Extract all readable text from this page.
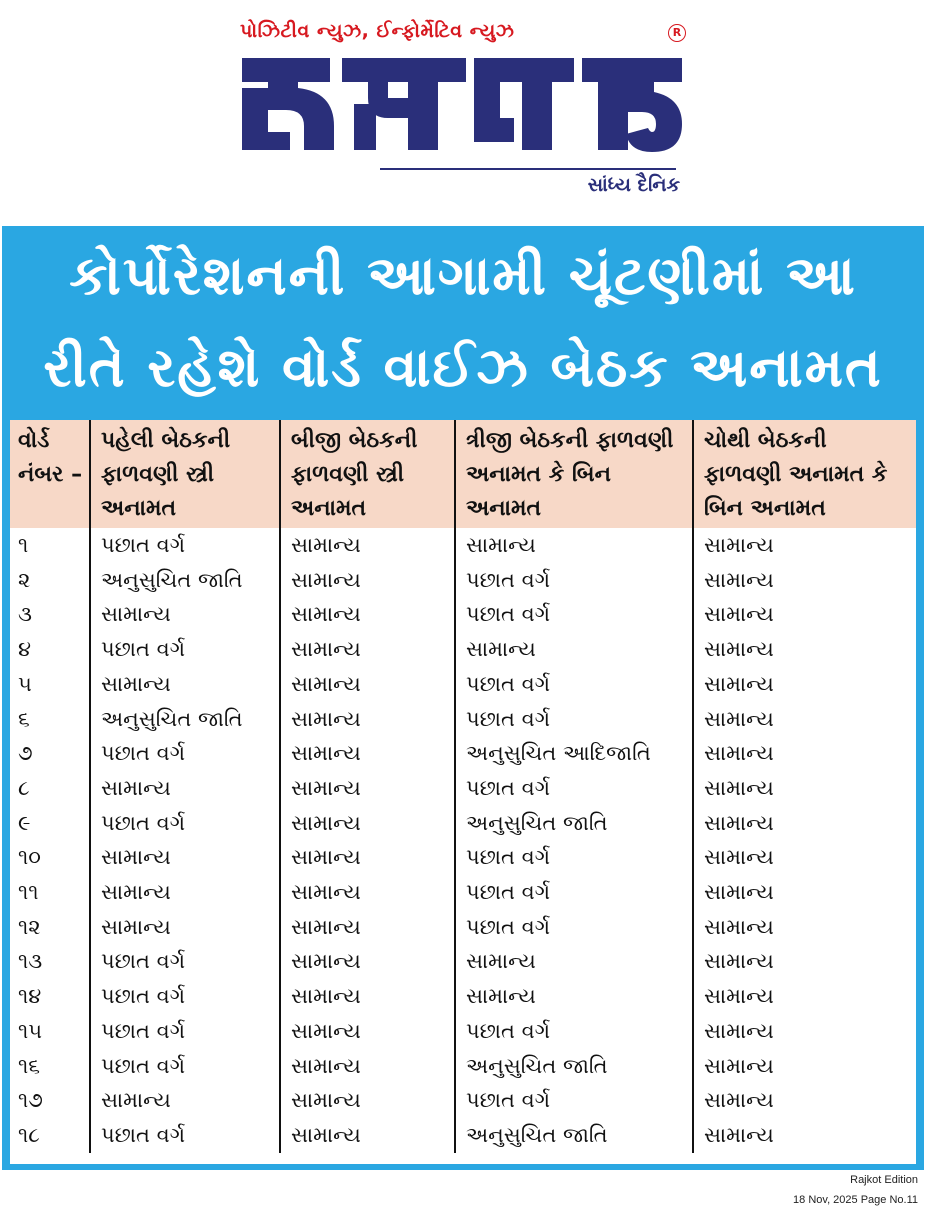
પોઝિટીવ ન્યુઝ, ઈન્ફોર્મેટિવ ન્યુઝ	R
સાંધ્ય દૈનિક
કોર્પોરેશનની આગામી ચૂંટણીમાં આ
રીતે રહેશે વોર્ડ વાઈઝ બેઠક અનામત
વોર્ડ નંબર –	પહેલી બેઠકની ફાળવણી સ્ત્રી અનામત	બીજી બેઠકની ફાળવણી સ્ત્રી અનામત	ત્રીજી બેઠકની ફાળવણી અનામત કે બિન અનામત	ચોથી બેઠકની ફાળવણી અનામત કે બિન અનામત
૧	પછાત વર્ગ	સામાન્ય	સામાન્ય	સામાન્ય
૨	અનુસુચિત જાતિ	સામાન્ય	પછાત વર્ગ	સામાન્ય
૩	સામાન્ય	સામાન્ય	પછાત વર્ગ	સામાન્ય
૪	પછાત વર્ગ	સામાન્ય	સામાન્ય	સામાન્ય
૫	સામાન્ય	સામાન્ય	પછાત વર્ગ	સામાન્ય
૬	અનુસુચિત જાતિ	સામાન્ય	પછાત વર્ગ	સામાન્ય
૭	પછાત વર્ગ	સામાન્ય	અનુસુચિત આદિજાતિ	સામાન્ય
૮	સામાન્ય	સામાન્ય	પછાત વર્ગ	સામાન્ય
૯	પછાત વર્ગ	સામાન્ય	અનુસુચિત જાતિ	સામાન્ય
૧૦	સામાન્ય	સામાન્ય	પછાત વર્ગ	સામાન્ય
૧૧	સામાન્ય	સામાન્ય	પછાત વર્ગ	સામાન્ય
૧૨	સામાન્ય	સામાન્ય	પછાત વર્ગ	સામાન્ય
૧૩	પછાત વર્ગ	સામાન્ય	સામાન્ય	સામાન્ય
૧૪	પછાત વર્ગ	સામાન્ય	સામાન્ય	સામાન્ય
૧૫	પછાત વર્ગ	સામાન્ય	પછાત વર્ગ	સામાન્ય
૧૬	પછાત વર્ગ	સામાન્ય	અનુસુચિત જાતિ	સામાન્ય
૧૭	સામાન્ય	સામાન્ય	પછાત વર્ગ	સામાન્ય
૧૮	પછાત વર્ગ	સામાન્ય	અનુસુચિત જાતિ	સામાન્ય
Rajkot Edition
18 Nov, 2025 Page No.11
